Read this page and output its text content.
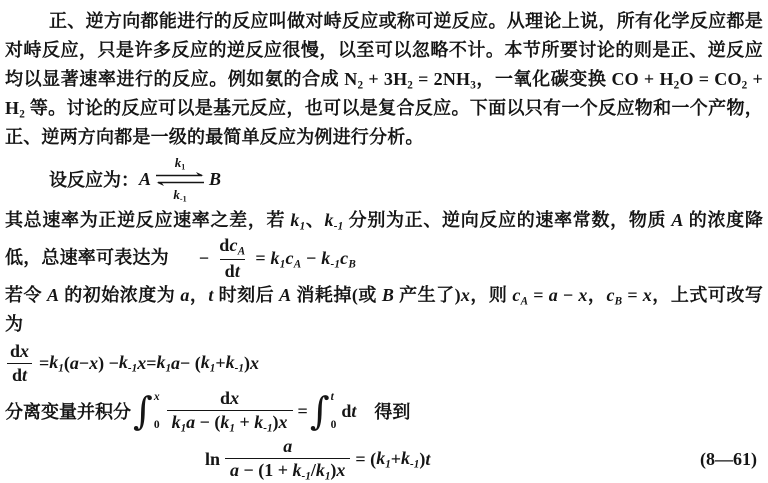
正、逆方向都能进行的反应叫做对峙反应或称可逆反应。从理论上说，所有化学反应都是对峙反应，只是许多反应的逆反应很慢，以至可以忽略不计。本节所要讨论的则是正、逆反应均以显著速率进行的反应。例如氨的合成 $N_2 + 3H_2 = 2NH_3$，一氧化碳变换 CO + $H_2O = CO_2 + H_2$ 等。讨论的反应可以是基元反应，也可以是复合反应。下面以只有一个反应物和一个产物，正、逆两方向都是一级的最简单反应为例进行分析。

设反应为： A
$k_1$
$k_{-1}$
B

其总速率为正逆反应速率之差，若 $k_1$、$k_{-1}$ 分别为正、逆向反应的速率常数，物质 A 的浓度降低，总速率可表达为 − $\frac{dc_A}{dt} = k_1c_A - k_{-1}c_B$

若令 A 的初始浓度为 a，t 时刻后 A 消耗掉(或 B 产生了)x，则 $c_A = a - x$，$c_B = x$，上式可改写为

$\frac{dx}{dt} = k_1$ ( a − x ) − $k_{-1}$ $x = k_1$ a − ( $k_1 + k_{-1}$ ) x
分离变量并积分 ∫ x
$0 \frac{dx}{k_1a - (k_1 + k_{-1})x}$ = ∫ t
0
d t 　得到
$\ln \frac{a}{a - (1 + k_{-1}/k_1)x}$ = ( $k_1 + k_{-1}$ ) t	(8—61)
